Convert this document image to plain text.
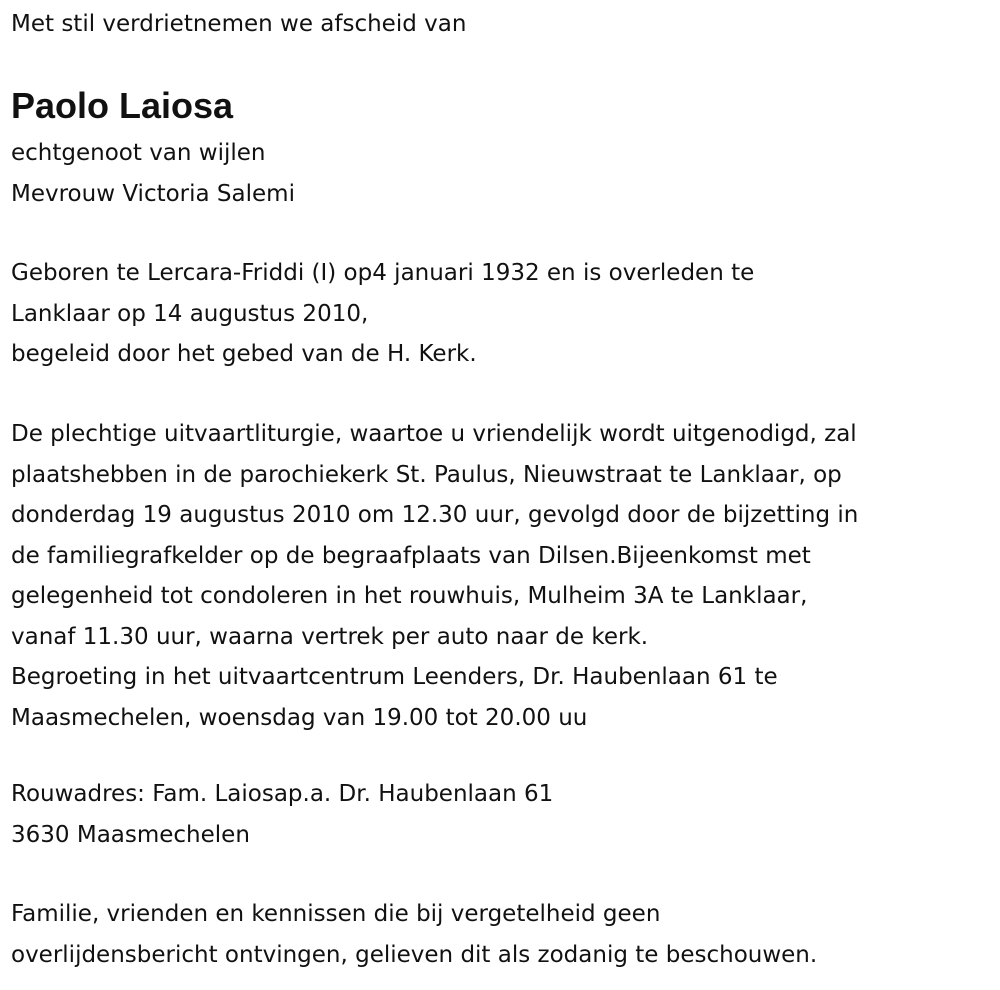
Met stil verdrietnemen we afscheid van
Paolo Laiosa
echtgenoot van wijlen
Mevrouw Victoria Salemi
Geboren te Lercara-Friddi (I) op4 januari 1932 en is overleden te
Lanklaar op 14 augustus 2010,
begeleid door het gebed van de H. Kerk.
De plechtige uitvaartliturgie, waartoe u vriendelijk wordt uitgenodigd, zal
plaatshebben in de parochiekerk St. Paulus, Nieuwstraat te Lanklaar, op
donderdag 19 augustus 2010 om 12.30 uur, gevolgd door de bijzetting in
de familiegrafkelder op de begraafplaats van Dilsen.Bijeenkomst met
gelegenheid tot condoleren in het rouwhuis, Mulheim 3A te Lanklaar,
vanaf 11.30 uur, waarna vertrek per auto naar de kerk.
Begroeting in het uitvaartcentrum Leenders, Dr. Haubenlaan 61 te
Maasmechelen, woensdag van 19.00 tot 20.00 uu
Rouwadres: Fam. Laiosap.a. Dr. Haubenlaan 61
3630 Maasmechelen
Familie, vrienden en kennissen die bij vergetelheid geen
overlijdensbericht ontvingen, gelieven dit als zodanig te beschouwen.
